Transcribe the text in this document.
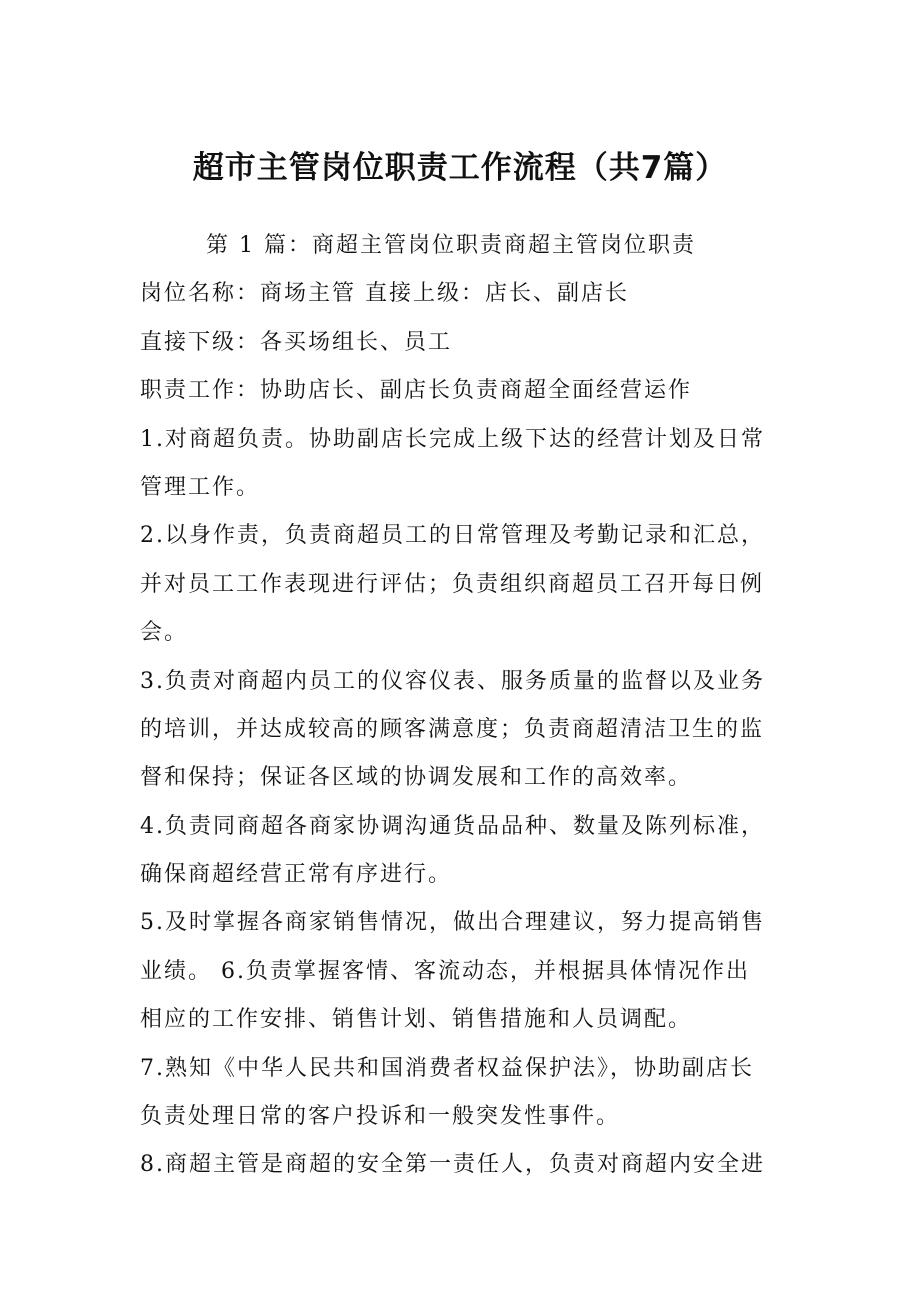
超市主管岗位职责工作流程（共7篇）
第 1 篇：商超主管岗位职责商超主管岗位职责
岗位名称：商场主管 直接上级：店长、副店长
直接下级：各买场组长、员工
职责工作：协助店长、副店长负责商超全面经营运作
1.对商超负责。协助副店长完成上级下达的经营计划及日常
管理工作。
2.以身作责，负责商超员工的日常管理及考勤记录和汇总，
并对员工工作表现进行评估；负责组织商超员工召开每日例
会。
3.负责对商超内员工的仪容仪表、服务质量的监督以及业务
的培训，并达成较高的顾客满意度；负责商超清洁卫生的监
督和保持；保证各区域的协调发展和工作的高效率。
4.负责同商超各商家协调沟通货品品种、数量及陈列标准，
确保商超经营正常有序进行。
5.及时掌握各商家销售情况，做出合理建议，努力提高销售
业绩。 6.负责掌握客情、客流动态，并根据具体情况作出
相应的工作安排、销售计划、销售措施和人员调配。
7.熟知《中华人民共和国消费者权益保护法》，协助副店长
负责处理日常的客户投诉和一般突发性事件。
8.商超主管是商超的安全第一责任人，负责对商超内安全进
